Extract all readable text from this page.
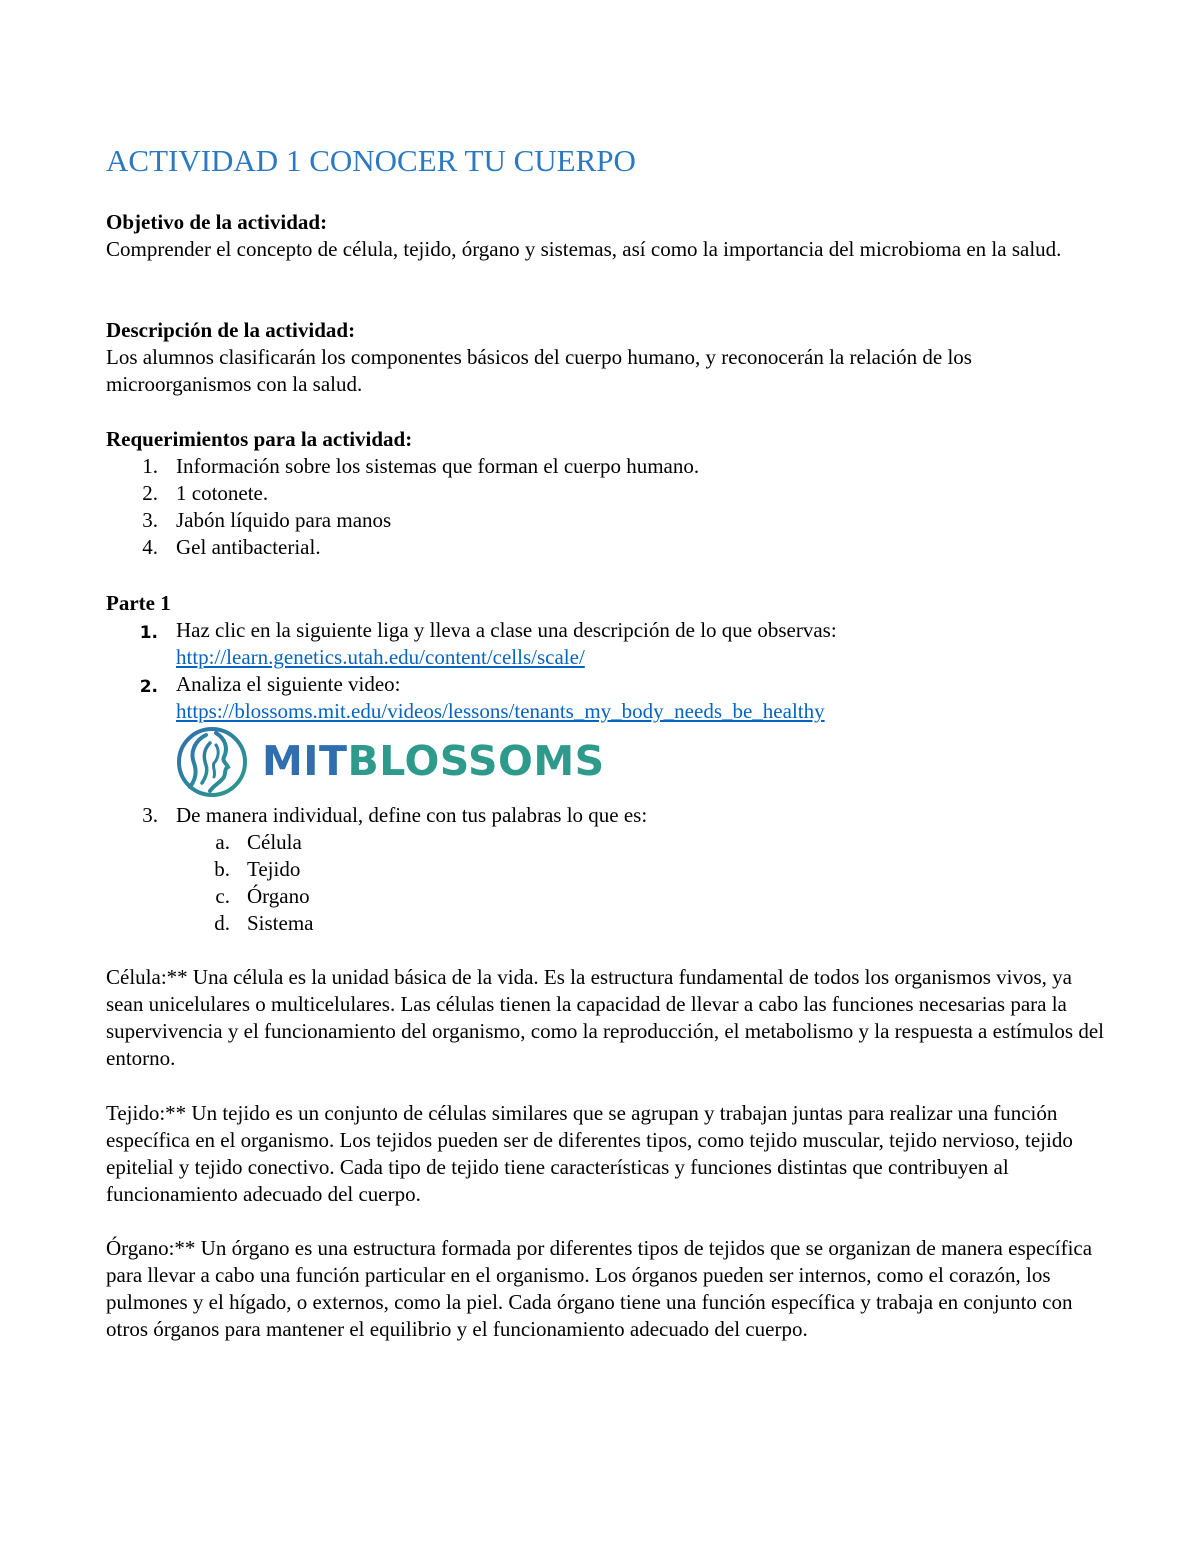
ACTIVIDAD 1 CONOCER TU CUERPO
Objetivo de la actividad:
Comprender el concepto de célula, tejido, órgano y sistemas, así como la importancia del microbioma en la salud.
Descripción de la actividad:
Los alumnos clasificarán los componentes básicos del cuerpo humano, y reconocerán la relación de los microorganismos con la salud.
Requerimientos para la actividad:
1. Información sobre los sistemas que forman el cuerpo humano.
2. 1 cotonete.
3. Jabón líquido para manos
4. Gel antibacterial.
Parte 1
1. Haz clic en la siguiente liga y lleva a clase una descripción de lo que observas:
http://learn.genetics.utah.edu/content/cells/scale/
2. Analiza el siguiente video:
https://blossoms.mit.edu/videos/lessons/tenants_my_body_needs_be_healthy
MITBLOSSOMS
3. De manera individual, define con tus palabras lo que es:
a. Célula
b. Tejido
c. Órgano
d. Sistema
Célula:** Una célula es la unidad básica de la vida. Es la estructura fundamental de todos los organismos vivos, ya sean unicelulares o multicelulares. Las células tienen la capacidad de llevar a cabo las funciones necesarias para la supervivencia y el funcionamiento del organismo, como la reproducción, el metabolismo y la respuesta a estímulos del entorno.
Tejido:** Un tejido es un conjunto de células similares que se agrupan y trabajan juntas para realizar una función específica en el organismo. Los tejidos pueden ser de diferentes tipos, como tejido muscular, tejido nervioso, tejido epitelial y tejido conectivo. Cada tipo de tejido tiene características y funciones distintas que contribuyen al funcionamiento adecuado del cuerpo.
Órgano:** Un órgano es una estructura formada por diferentes tipos de tejidos que se organizan de manera específica para llevar a cabo una función particular en el organismo. Los órganos pueden ser internos, como el corazón, los pulmones y el hígado, o externos, como la piel. Cada órgano tiene una función específica y trabaja en conjunto con otros órganos para mantener el equilibrio y el funcionamiento adecuado del cuerpo.
